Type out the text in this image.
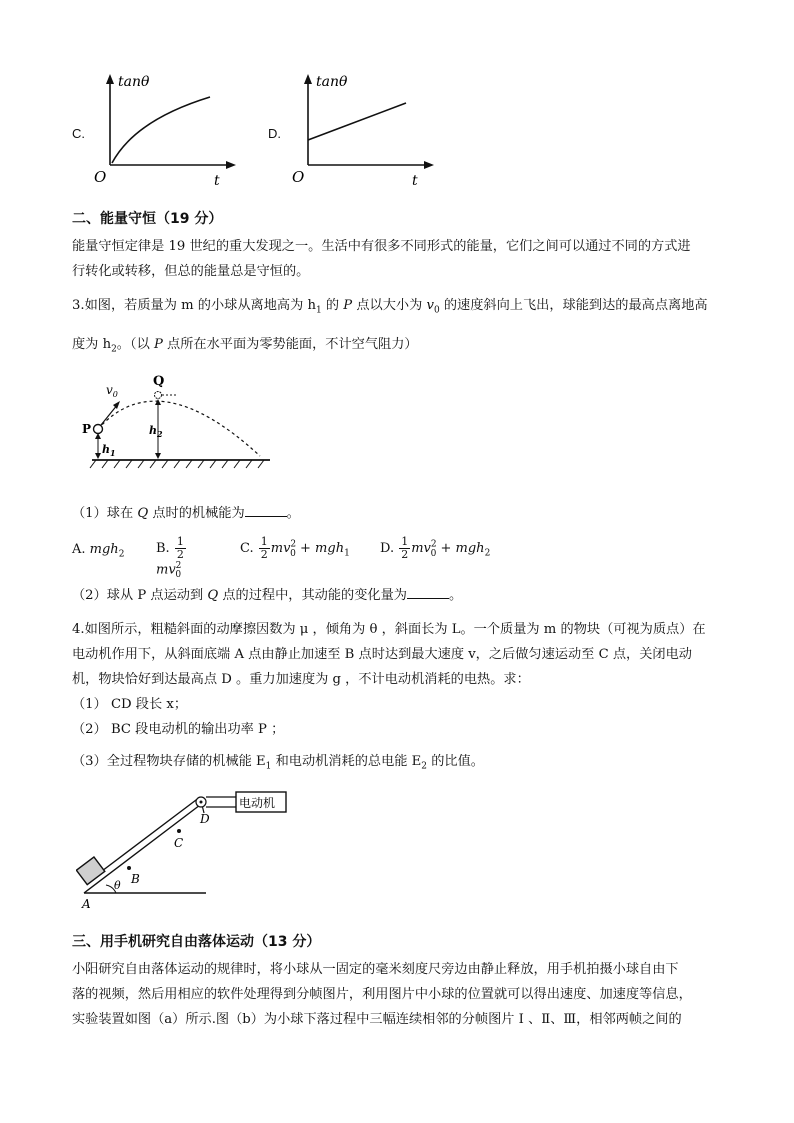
C.
tanθ
O	t
D.
tanθ
O	t
二、能量守恒（19 分）
能量守恒定律是 19 世纪的重大发现之一。生活中有很多不同形式的能量，它们之间可以通过不同的方式进
行转化或转移，但总的能量总是守恒的。
3.如图，若质量为 m 的小球从离地高为 $h_1$ 的 P 点以大小为 $v_0$ 的速度斜向上飞出，球能到达的最高点离地高
度为 $h_2$。（以 P 点所在水平面为零势能面，不计空气阻力）
$v_0$
Q
P
$h_1$
$h_2$
（1）球在 Q 点时的机械能为	。
A. mgh$_2$ B. $\frac{1}{2}$
$mv^2_0$
C. $\frac{1}{2} mv^2_0 + mgh_1$ D. $\frac{1}{2} mv^2_0 + mgh_2$
（2）球从 P 点运动到 Q 点的过程中，其动能的变化量为	。
4.如图所示，粗糙斜面的动摩擦因数为 μ ，倾角为 θ ，斜面长为 L。一个质量为 m 的物块（可视为质点）在
电动机作用下，从斜面底端 A 点由静止加速至 B 点时达到最大速度 v，之后做匀速运动至 C 点，关闭电动
机，物块恰好到达最高点 D 。重力加速度为 g ，不计电动机消耗的电热。求：
（1） CD 段长 x；
（2） BC 段电动机的输出功率 P ；
（3）全过程物块存储的机械能 $E_1$ 和电动机消耗的总电能 $E_2$ 的比值。
电动机
A
B
C
D
θ
三、用手机研究自由落体运动（13 分）
小阳研究自由落体运动的规律时，将小球从一固定的毫米刻度尺旁边由静止释放，用手机拍摄小球自由下
落的视频，然后用相应的软件处理得到分帧图片，利用图片中小球的位置就可以得出速度、加速度等信息，
实验装置如图（a）所示.图（b）为小球下落过程中三幅连续相邻的分帧图片 Ⅰ 、Ⅱ、Ⅲ，相邻两帧之间的
